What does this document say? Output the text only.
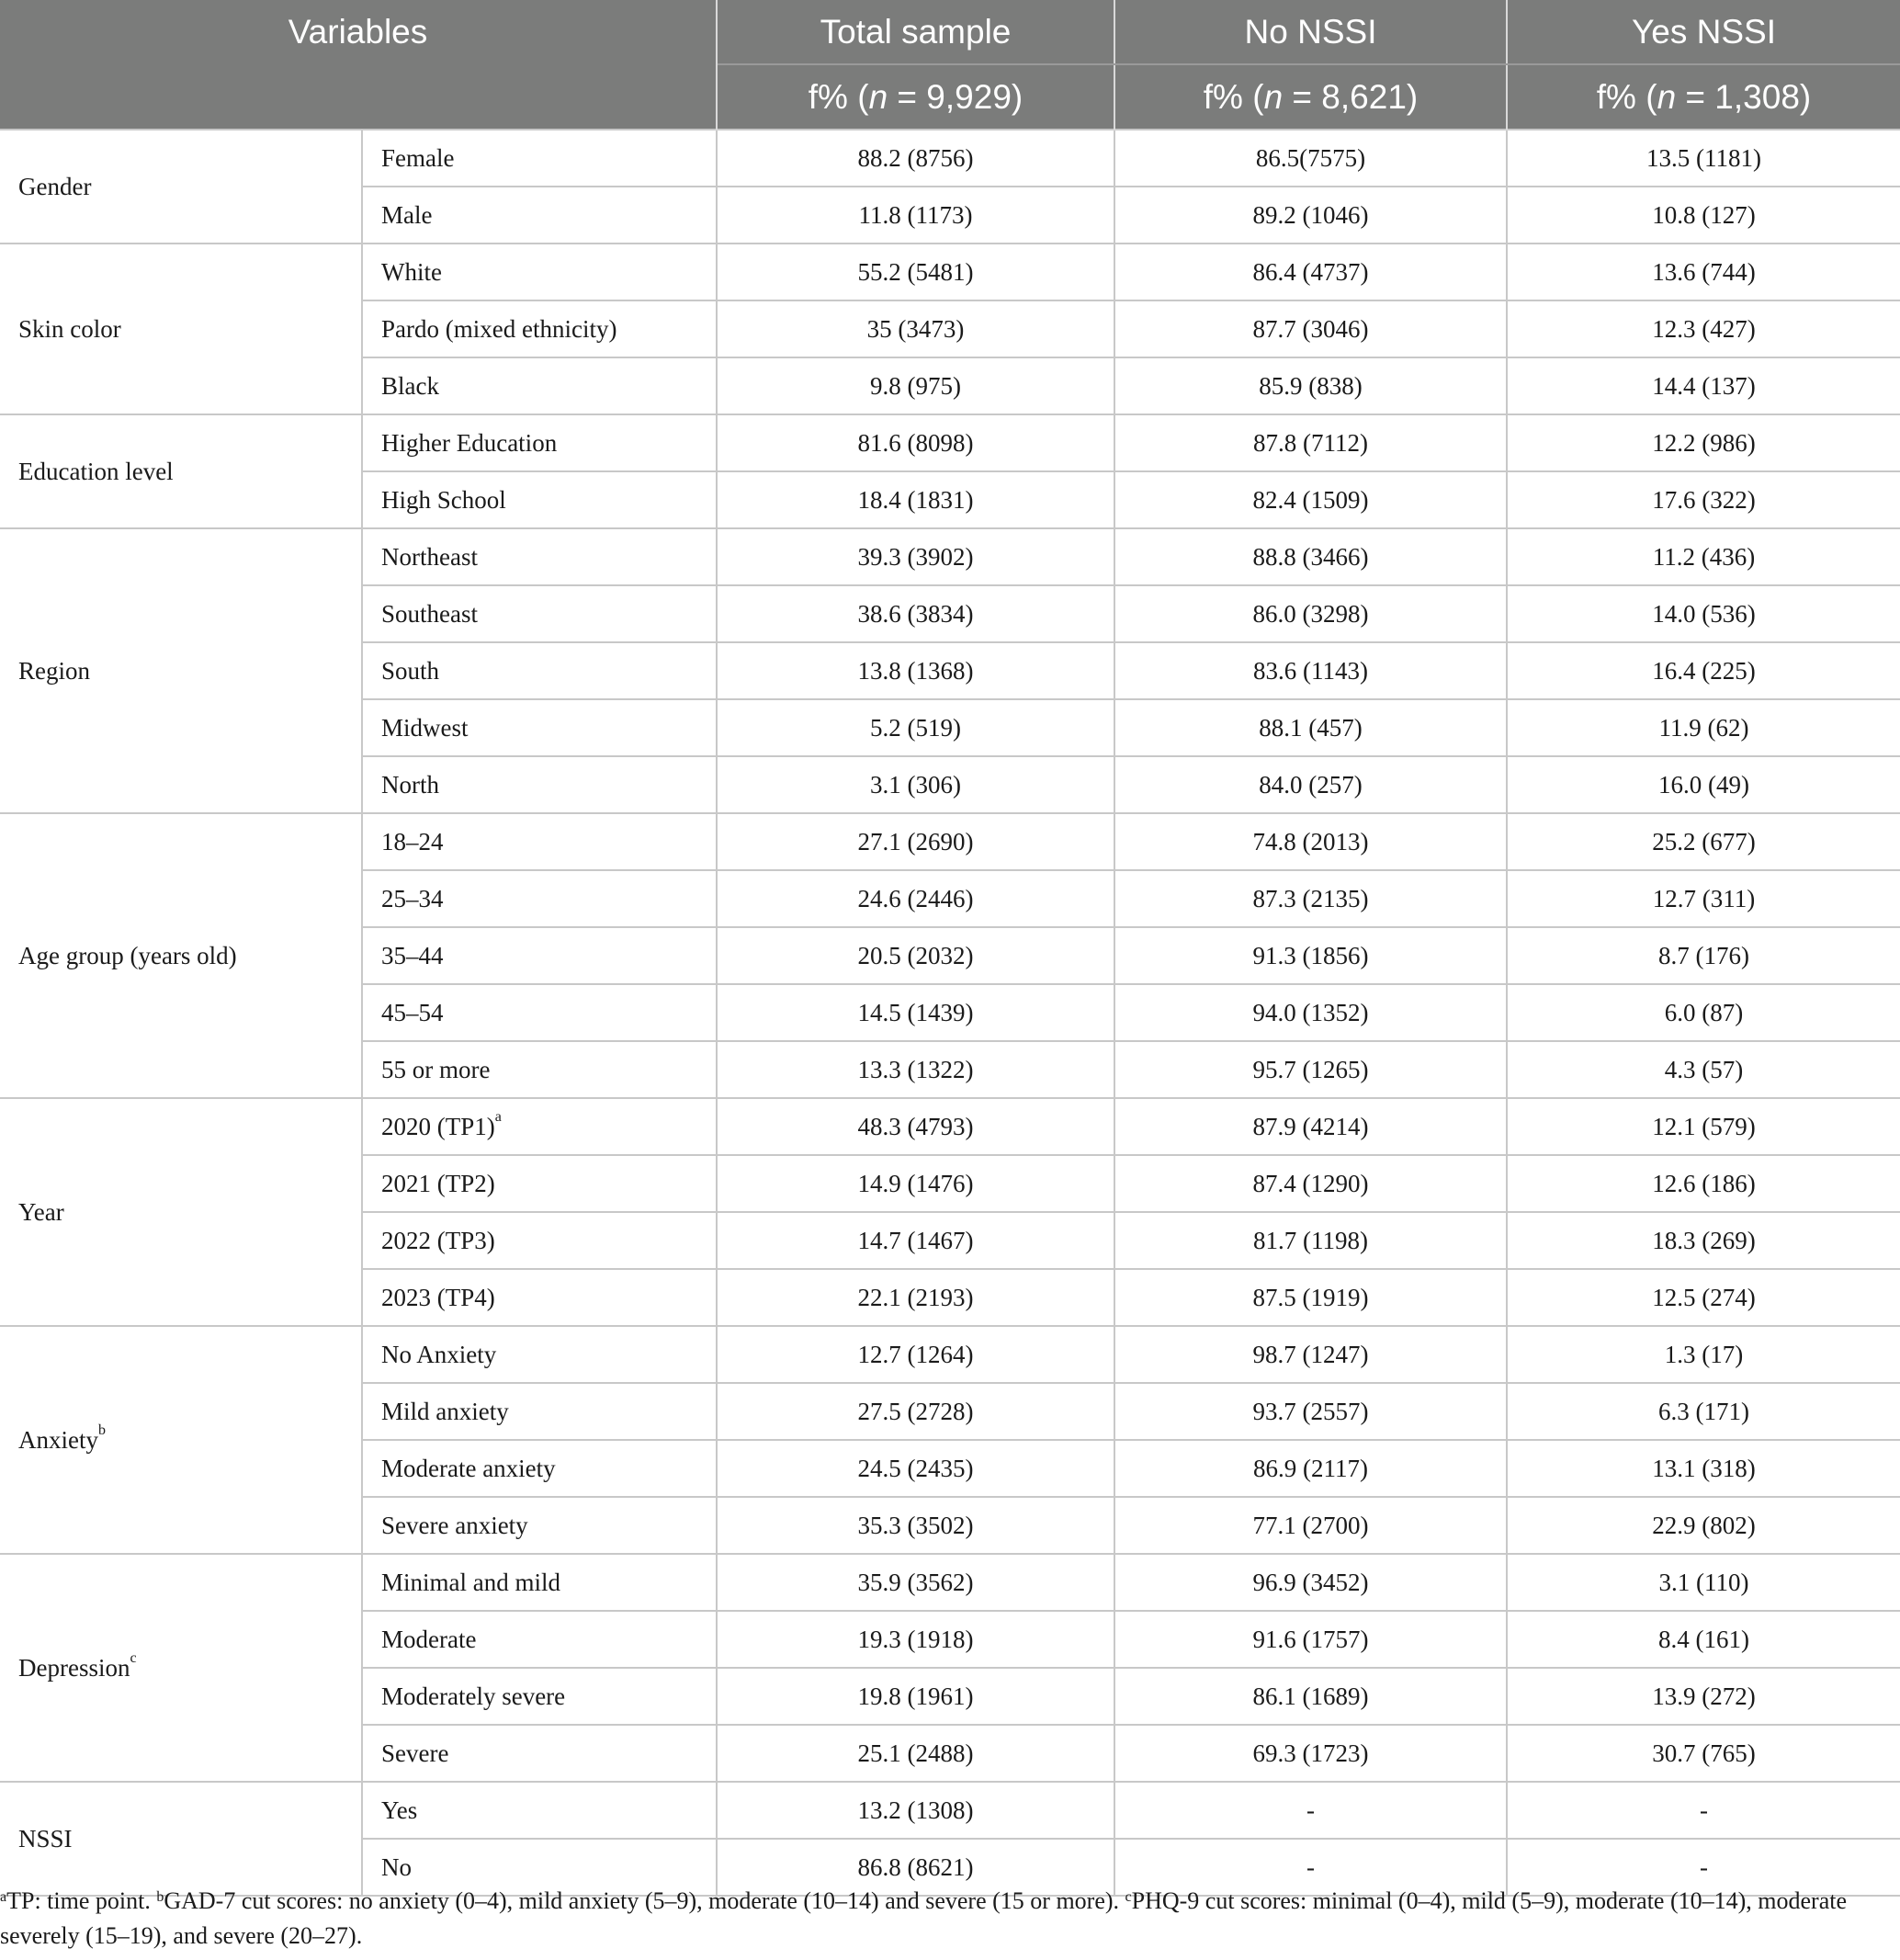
Variables		Total sample	No NSSI	Yes NSSI
		f% (n = 9,929)	f% (n = 8,621)	f% (n = 1,308)
Gender	Female	88.2 (8756)	86.5(7575)	13.5 (1181)
	Male	11.8 (1173)	89.2 (1046)	10.8 (127)
Skin color	White	55.2 (5481)	86.4 (4737)	13.6 (744)
	Pardo (mixed ethnicity)	35 (3473)	87.7 (3046)	12.3 (427)
	Black	9.8 (975)	85.9 (838)	14.4 (137)
Education level	Higher Education	81.6 (8098)	87.8 (7112)	12.2 (986)
	High School	18.4 (1831)	82.4 (1509)	17.6 (322)
Region	Northeast	39.3 (3902)	88.8 (3466)	11.2 (436)
	Southeast	38.6 (3834)	86.0 (3298)	14.0 (536)
	South	13.8 (1368)	83.6 (1143)	16.4 (225)
	Midwest	5.2 (519)	88.1 (457)	11.9 (62)
	North	3.1 (306)	84.0 (257)	16.0 (49)
Age group (years old)	18–24	27.1 (2690)	74.8 (2013)	25.2 (677)
	25–34	24.6 (2446)	87.3 (2135)	12.7 (311)
	35–44	20.5 (2032)	91.3 (1856)	8.7 (176)
	45–54	14.5 (1439)	94.0 (1352)	6.0 (87)
	55 or more	13.3 (1322)	95.7 (1265)	4.3 (57)
Year	2020 $(TP1)^a$	48.3 (4793)	87.9 (4214)	12.1 (579)
	2021 (TP2)	14.9 (1476)	87.4 (1290)	12.6 (186)
	2022 (TP3)	14.7 (1467)	81.7 (1198)	18.3 (269)
	2023 (TP4)	22.1 (2193)	87.5 (1919)	12.5 (274)
Anxiety$^b$	No Anxiety	12.7 (1264)	98.7 (1247)	1.3 (17)
	Mild anxiety	27.5 (2728)	93.7 (2557)	6.3 (171)
	Moderate anxiety	24.5 (2435)	86.9 (2117)	13.1 (318)
	Severe anxiety	35.3 (3502)	77.1 (2700)	22.9 (802)
Depression$^c$	Minimal and mild	35.9 (3562)	96.9 (3452)	3.1 (110)
	Moderate	19.3 (1918)	91.6 (1757)	8.4 (161)
	Moderately severe	19.8 (1961)	86.1 (1689)	13.9 (272)
	Severe	25.1 (2488)	69.3 (1723)	30.7 (765)
NSSI	Yes	13.2 (1308)	-	-
	No	86.8 (8621)	-	-
$^a$TP: time point. $^b$GAD-7 cut scores: no anxiety (0–4), mild anxiety (5–9), moderate (10–14) and severe (15 or more). $^c$PHQ-9 cut scores: minimal (0–4), mild (5–9), moderate (10–14), moderate severely (15–19), and severe (20–27).
